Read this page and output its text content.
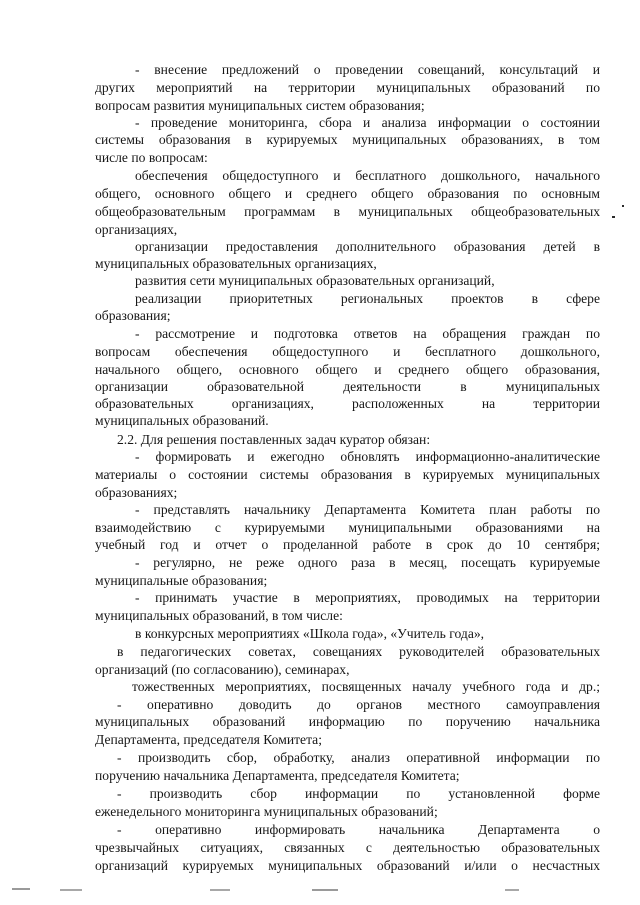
- внесение предложений о проведении совещаний, консультаций и

других мероприятий на территории муниципальных образований по

вопросам развития муниципальных систем образования;

- проведение мониторинга, сбора и анализа информации о состоянии

системы образования в курируемых муниципальных образованиях, в том

числе по вопросам:

обеспечения общедоступного и бесплатного дошкольного, начального

общего, основного общего и среднего общего образования по основным

общеобразовательным программам в муниципальных общеобразовательных

организациях,

организации предоставления дополнительного образования детей в

муниципальных образовательных организациях,

развития сети муниципальных образовательных организаций,

реализации приоритетных региональных проектов в сфере

образования;

- рассмотрение и подготовка ответов на обращения граждан по

вопросам обеспечения общедоступного и бесплатного дошкольного,

начального общего, основного общего и среднего общего образования,

организации образовательной деятельности в муниципальных

образовательных организациях, расположенных на территории

муниципальных образований.

2.2. Для решения поставленных задач куратор обязан:

- формировать и ежегодно обновлять информационно-аналитические

материалы о состоянии системы образования в курируемых муниципальных

образованиях;

- представлять начальнику Департамента Комитета план работы по

взаимодействию с курируемыми муниципальными образованиями на

учебный год и отчет о проделанной работе в срок до 10 сентября;

- регулярно, не реже одного раза в месяц, посещать курируемые

муниципальные образования;

- принимать участие в мероприятиях, проводимых на территории

муниципальных образований, в том числе:

в конкурсных мероприятиях «Школа года», «Учитель года»,

в педагогических советах, совещаниях руководителей образовательных

организаций (по согласованию), семинарах,

тожественных мероприятиях, посвященных началу учебного года и др.;

- оперативно доводить до органов местного самоуправления

муниципальных образований информацию по поручению начальника

Департамента, председателя Комитета;

- производить сбор, обработку, анализ оперативной информации по

поручению начальника Департамента, председателя Комитета;

- производить сбор информации по установленной форме

еженедельного мониторинга муниципальных образований;

- оперативно информировать начальника Департамента о

чрезвычайных ситуациях, связанных с деятельностью образовательных

организаций курируемых муниципальных образований и/или о несчастных
